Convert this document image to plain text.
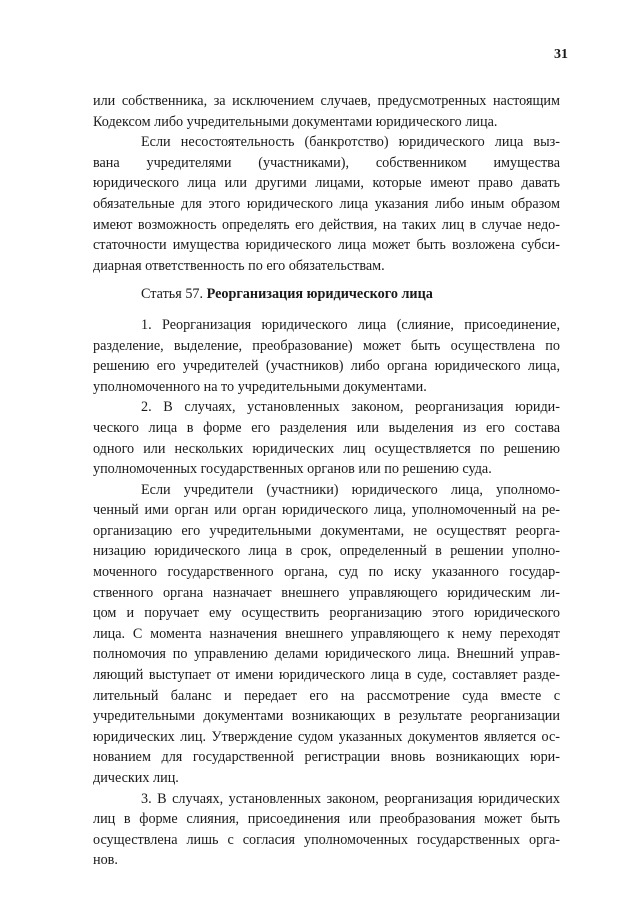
31
или собственника, за исключением случаев, предусмотренных настоящим
Кодексом либо учредительными документами юридического лица.
Если несостоятельность (банкротство) юридического лица выз-
вана учредителями (участниками), собственником имущества
юридического лица или другими лицами, которые имеют право давать
обязательные для этого юридического лица указания либо иным образом
имеют возможность определять его действия, на таких лиц в случае недо-
статочности имущества юридического лица может быть возложена субси-
диарная ответственность по его обязательствам.
Статья 57. Реорганизация юридического лица
1. Реорганизация юридического лица (слияние, присоединение,
разделение, выделение, преобразование) может быть осуществлена по
решению его учредителей (участников) либо органа юридического лица,
уполномоченного на то учредительными документами.
2. В случаях, установленных законом, реорганизация юриди-
ческого лица в форме его разделения или выделения из его состава
одного или нескольких юридических лиц осуществляется по решению
уполномоченных государственных органов или по решению суда.
Если учредители (участники) юридического лица, уполномо-
ченный ими орган или орган юридического лица, уполномоченный на ре-
организацию его учредительными документами, не осуществят реорга-
низацию юридического лица в срок, определенный в решении уполно-
моченного государственного органа, суд по иску указанного государ-
ственного органа назначает внешнего управляющего юридическим ли-
цом и поручает ему осуществить реорганизацию этого юридического
лица. С момента назначения внешнего управляющего к нему переходят
полномочия по управлению делами юридического лица. Внешний управ-
ляющий выступает от имени юридического лица в суде, составляет разде-
лительный баланс и передает его на рассмотрение суда вместе с
учредительными документами возникающих в результате реорганизации
юридических лиц. Утверждение судом указанных документов является ос-
нованием для государственной регистрации вновь возникающих юри-
дических лиц.
3. В случаях, установленных законом, реорганизация юридических
лиц в форме слияния, присоединения или преобразования может быть
осуществлена лишь с согласия уполномоченных государственных орга-
нов.
